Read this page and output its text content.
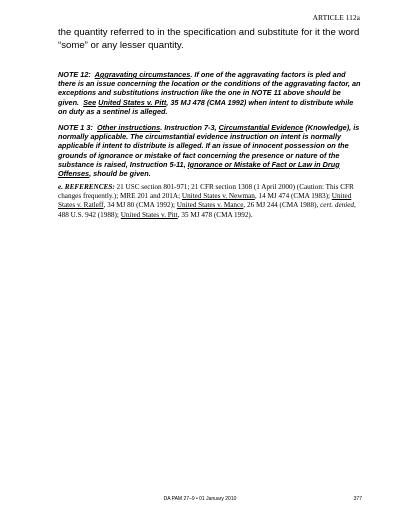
ARTICLE 112a
the quantity referred to in the specification and substitute for it the word
“some” or any lesser quantity.
NOTE 12: Aggravating circumstances. If one of the aggravating factors is pled and there is an issue concerning the location or the conditions of the aggravating factor, an exceptions and substitutions instruction like the one in NOTE 11 above should be given. See United States v. Pitt, 35 MJ 478 (CMA 1992) when intent to distribute while on duty as a sentinel is alleged.
NOTE 1 3: Other instructions. Instruction 7-3, Circumstantial Evidence (Knowledge), is normally applicable. The circumstantial evidence instruction on intent is normally applicable if intent to distribute is alleged. If an issue of innocent possession on the grounds of ignorance or mistake of fact concerning the presence or nature of the substance is raised, Instruction 5-11, Ignorance or Mistake of Fact or Law in Drug Offenses, should be given.
e. REFERENCES: 21 USC section 801-971; 21 CFR section 1308 (1 April 2000) (Caution: This CFR changes frequently.); MRE 201 and 201A; United States v. Newman, 14 MJ 474 (CMA 1983); United States v. Ratleff, 34 MJ 80 (CMA 1992); United States v. Mance, 26 MJ 244 (CMA 1988), cert. denied, 488 U.S. 942 (1988); United States v. Pitt, 35 MJ 478 (CMA 1992).
DA PAM 27–9 • 01 January 2010	377
